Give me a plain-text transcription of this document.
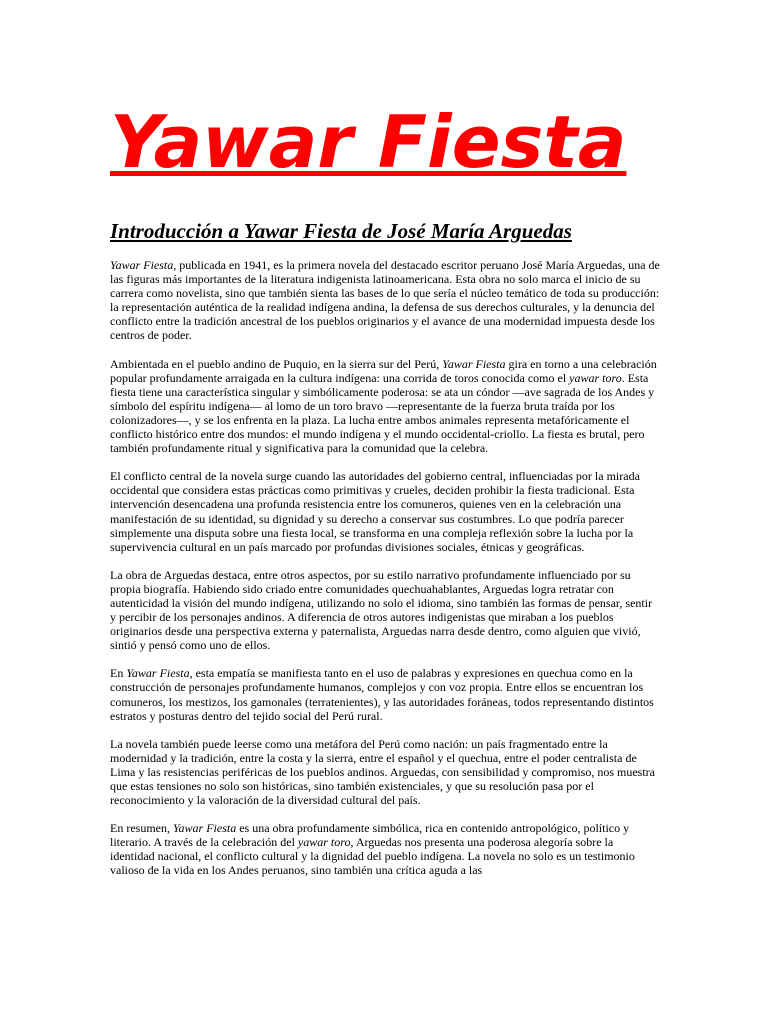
Yawar Fiesta
Introducción a Yawar Fiesta de José María Arguedas

Yawar Fiesta, publicada en 1941, es la primera novela del destacado escritor peruano José María Arguedas, una de las figuras más importantes de la literatura indigenista latinoamericana. Esta obra no solo marca el inicio de su carrera como novelista, sino que también sienta las bases de lo que sería el núcleo temático de toda su producción: la representación auténtica de la realidad indígena andina, la defensa de sus derechos culturales, y la denuncia del conflicto entre la tradición ancestral de los pueblos originarios y el avance de una modernidad impuesta desde los centros de poder.

Ambientada en el pueblo andino de Puquio, en la sierra sur del Perú, Yawar Fiesta gira en torno a una celebración popular profundamente arraigada en la cultura indígena: una corrida de toros conocida como el yawar toro. Esta fiesta tiene una característica singular y simbólicamente poderosa: se ata un cóndor —ave sagrada de los Andes y símbolo del espíritu indígena— al lomo de un toro bravo —representante de la fuerza bruta traída por los colonizadores—, y se los enfrenta en la plaza. La lucha entre ambos animales representa metafóricamente el conflicto histórico entre dos mundos: el mundo indígena y el mundo occidental-criollo. La fiesta es brutal, pero también profundamente ritual y significativa para la comunidad que la celebra.

El conflicto central de la novela surge cuando las autoridades del gobierno central, influenciadas por la mirada occidental que considera estas prácticas como primitivas y crueles, deciden prohibir la fiesta tradicional. Esta intervención desencadena una profunda resistencia entre los comuneros, quienes ven en la celebración una manifestación de su identidad, su dignidad y su derecho a conservar sus costumbres. Lo que podría parecer simplemente una disputa sobre una fiesta local, se transforma en una compleja reflexión sobre la lucha por la supervivencia cultural en un país marcado por profundas divisiones sociales, étnicas y geográficas.

La obra de Arguedas destaca, entre otros aspectos, por su estilo narrativo profundamente influenciado por su propia biografía. Habiendo sido criado entre comunidades quechuahablantes, Arguedas logra retratar con autenticidad la visión del mundo indígena, utilizando no solo el idioma, sino también las formas de pensar, sentir y percibir de los personajes andinos. A diferencia de otros autores indigenistas que miraban a los pueblos originarios desde una perspectiva externa y paternalista, Arguedas narra desde dentro, como alguien que vivió, sintió y pensó como uno de ellos.

En Yawar Fiesta, esta empatía se manifiesta tanto en el uso de palabras y expresiones en quechua como en la construcción de personajes profundamente humanos, complejos y con voz propia. Entre ellos se encuentran los comuneros, los mestizos, los gamonales (terratenientes), y las autoridades foráneas, todos representando distintos estratos y posturas dentro del tejido social del Perú rural.

La novela también puede leerse como una metáfora del Perú como nación: un país fragmentado entre la modernidad y la tradición, entre la costa y la sierra, entre el español y el quechua, entre el poder centralista de Lima y las resistencias periféricas de los pueblos andinos. Arguedas, con sensibilidad y compromiso, nos muestra que estas tensiones no solo son históricas, sino también existenciales, y que su resolución pasa por el reconocimiento y la valoración de la diversidad cultural del país.

En resumen, Yawar Fiesta es una obra profundamente simbólica, rica en contenido antropológico, político y literario. A través de la celebración del yawar toro, Arguedas nos presenta una poderosa alegoría sobre la identidad nacional, el conflicto cultural y la dignidad del pueblo indígena. La novela no solo es un testimonio valioso de la vida en los Andes peruanos, sino también una crítica aguda a las
